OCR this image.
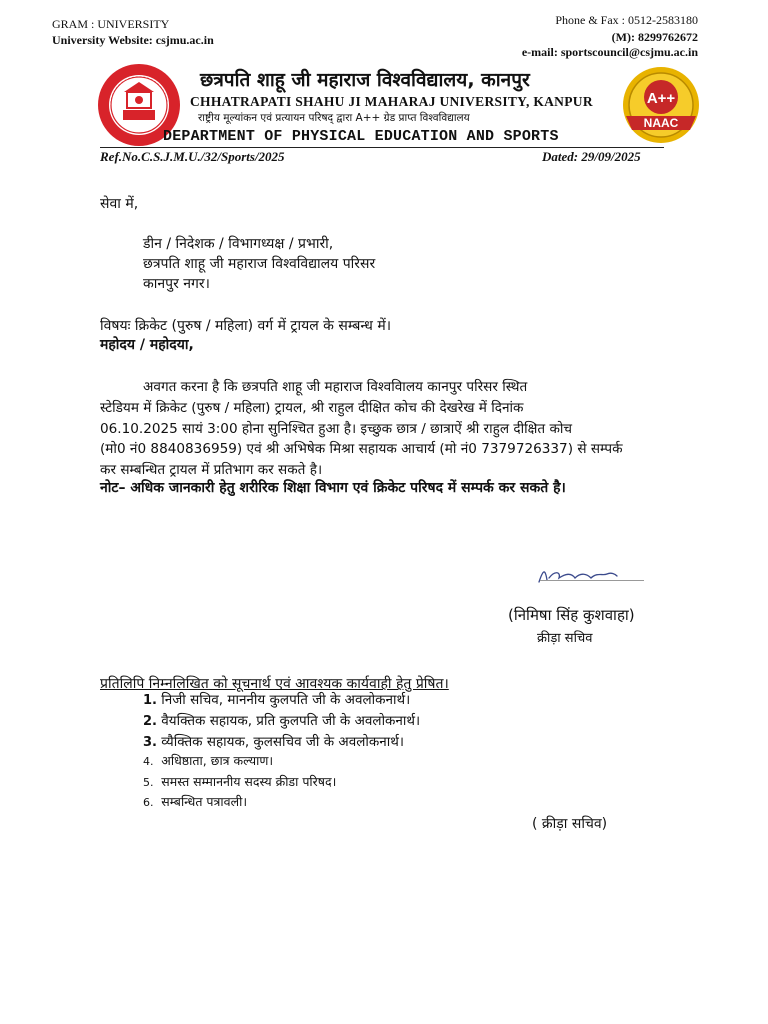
GRAM : UNIVERSITY
University Website: csjmu.ac.in
Phone & Fax : 0512-2583180
(M): 8299762672
e-mail: sportscouncil@csjmu.ac.in
A++
NAAC
छत्रपति शाहू जी महाराज विश्वविद्यालय, कानपुर
CHHATRAPATI SHAHU JI MAHARAJ UNIVERSITY, KANPUR
राष्ट्रीय मूल्यांकन एवं प्रत्यायन परिषद् द्वारा A++ ग्रेड प्राप्त विश्वविद्यालय
DEPARTMENT OF PHYSICAL EDUCATION AND SPORTS
Ref.No.C.S.J.M.U./32/Sports/2025	Dated: 29/09/2025
सेवा में,
डीन / निदेशक / विभागध्यक्ष / प्रभारी,
छत्रपति शाहू जी महाराज विश्वविद्यालय परिसर
कानपुर नगर।
विषयः क्रिकेट (पुरुष / महिला) वर्ग में ट्रायल के सम्बन्ध में।
महोदय / महोदया,
अवगत करना है कि छत्रपति शाहू जी महाराज विश्वविालय कानपुर परिसर स्थित
स्टेडियम में क्रिकेट (पुरुष / महिला) ट्रायल, श्री राहुल दीक्षित कोच की देखरेख में दिनांक
06.10.2025 सायं 3:00 होना सुनिश्चित हुआ है। इच्छुक छात्र / छात्राऐं श्री राहुल दीक्षित कोच
(मो0 नं0 8840836959) एवं श्री अभिषेक मिश्रा सहायक आचार्य (मो नं0 7379726337) से सम्पर्क
कर सम्बन्धित ट्रायल में प्रतिभाग कर सकते है।
नोट– अधिक जानकारी हेतु शरीरिक शिक्षा विभाग एवं क्रिकेट परिषद में सम्पर्क कर सकते है।
(निमिषा सिंह कुशवाहा)
क्रीड़ा सचिव
प्रतिलिपि निम्नलिखित को सूचनार्थ एवं आवश्यक कार्यवाही हेतु प्रेषित।
1. निजी सचिव, माननीय कुलपति जी के अवलोकनार्थ।
2. वैयक्तिक सहायक, प्रति कुलपति जी के अवलोकनार्थ।
3. व्यैक्तिक सहायक, कुलसचिव जी के अवलोकनार्थ।
4. अधिष्ठाता, छात्र कल्याण।
5. समस्त सम्माननीय सदस्य क्रीडा परिषद।
6. सम्बन्धित पत्रावली।
( क्रीड़ा सचिव)
